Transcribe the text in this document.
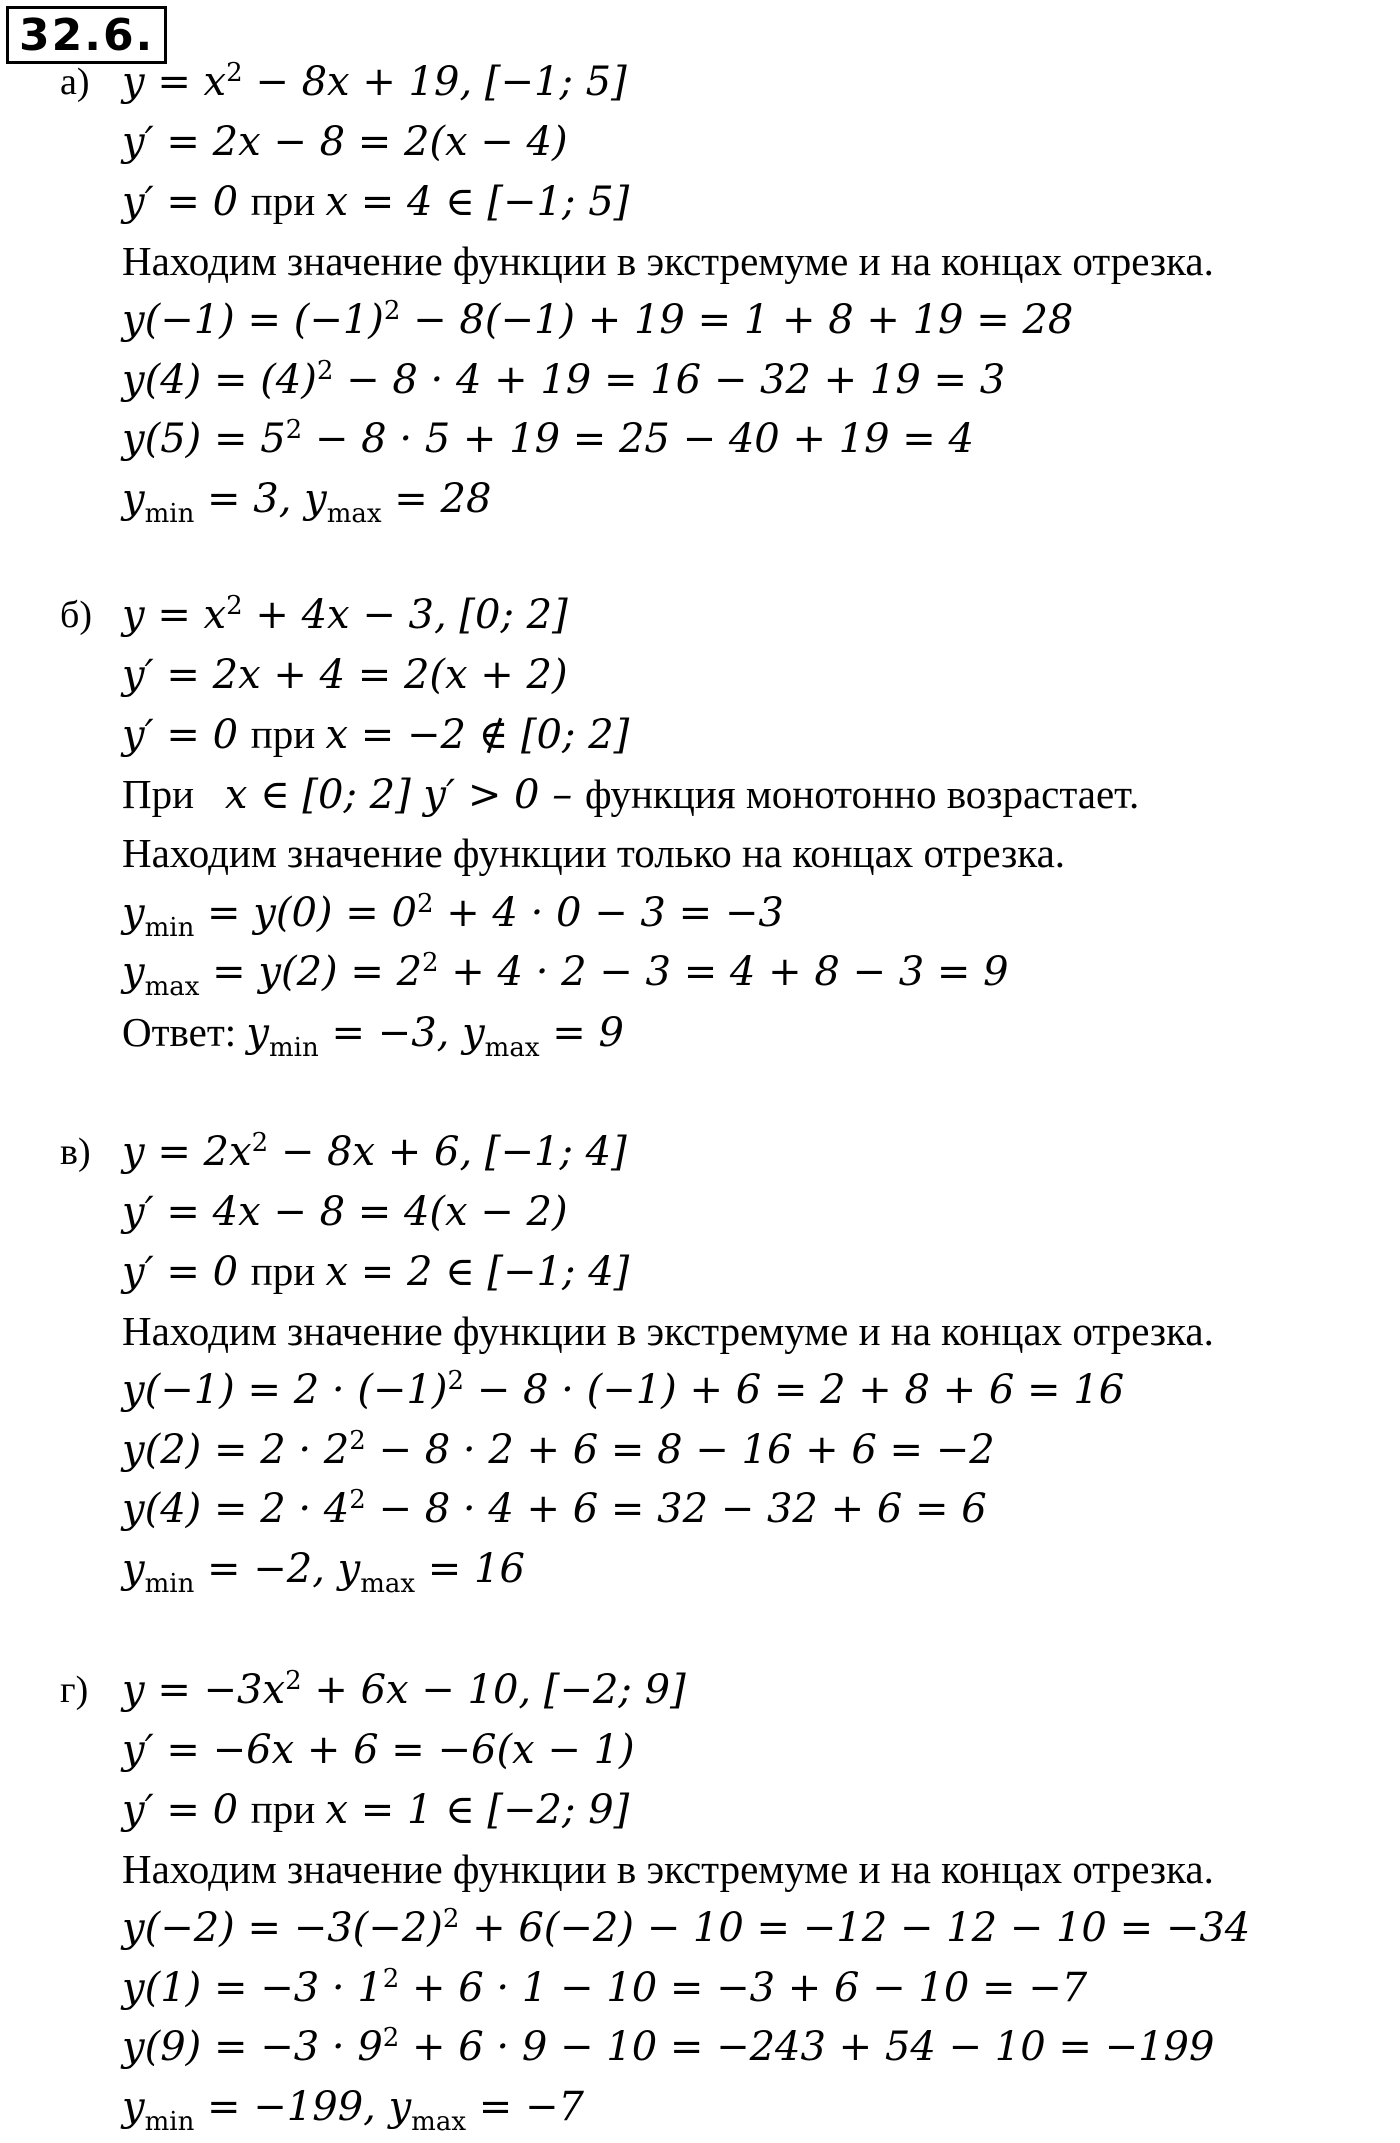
32.6.
а) $y = x^2 - 8x + 19$, [−1; 5]
y′ = 2x − 8 = 2(x − 4)
y′ = 0 при x = 4 ∈ [−1; 5]
Находим значение функции в экстремуме и на концах отрезка.
$y(-1) = (-1)^2 - 8(-1) + 19 = 1 + 8 + 19 = 28$
$y(4) = (4)^2 - 8 \cdot 4 + 19 = 16 - 32 + 19 = 3$
$y(5) = 5^2 - 8 \cdot 5 + 19 = 25 - 40 + 19 = 4$
$y_{min} = 3$, $y_{max} = 28$
б) $y = x^2 + 4x - 3$, [0; 2]
y′ = 2x + 4 = 2(x + 2)
y′ = 0 при x = −2 ∉ [0; 2]
При   x ∈ [0; 2] y′ > 0 – функция монотонно возрастает.
Находим значение функции только на концах отрезка.
$y_{min} = y(0) = 0^2 + 4 \cdot 0 - 3 = -3$
$y_{max} = y(2) = 2^2 + 4 \cdot 2 - 3 = 4 + 8 - 3 = 9$
Ответ: $y_{min} = -3$, $y_{max} = 9$
в) $y = 2x^2 - 8x + 6$, [−1; 4]
y′ = 4x − 8 = 4(x − 2)
y′ = 0 при x = 2 ∈ [−1; 4]
Находим значение функции в экстремуме и на концах отрезка.
$y(-1) = 2 \cdot (-1)^2 - 8 \cdot (-1) + 6 = 2 + 8 + 6 = 16$
$y(2) = 2 \cdot 2^2 - 8 \cdot 2 + 6 = 8 - 16 + 6 = -2$
$y(4) = 2 \cdot 4^2 - 8 \cdot 4 + 6 = 32 - 32 + 6 = 6$
$y_{min} = -2$, $y_{max} = 16$
г) $y = -3x^2 + 6x - 10$, [−2; 9]
y′ = −6x + 6 = −6(x − 1)
y′ = 0 при x = 1 ∈ [−2; 9]
Находим значение функции в экстремуме и на концах отрезка.
$y(-2) = -3(-2)^2 + 6(-2) - 10 = -12 - 12 - 10 = -34$
$y(1) = -3 \cdot 1^2 + 6 \cdot 1 - 10 = -3 + 6 - 10 = -7$
$y(9) = -3 \cdot 9^2 + 6 \cdot 9 - 10 = -243 + 54 - 10 = -199$
$y_{min} = -199$, $y_{max} = -7$
